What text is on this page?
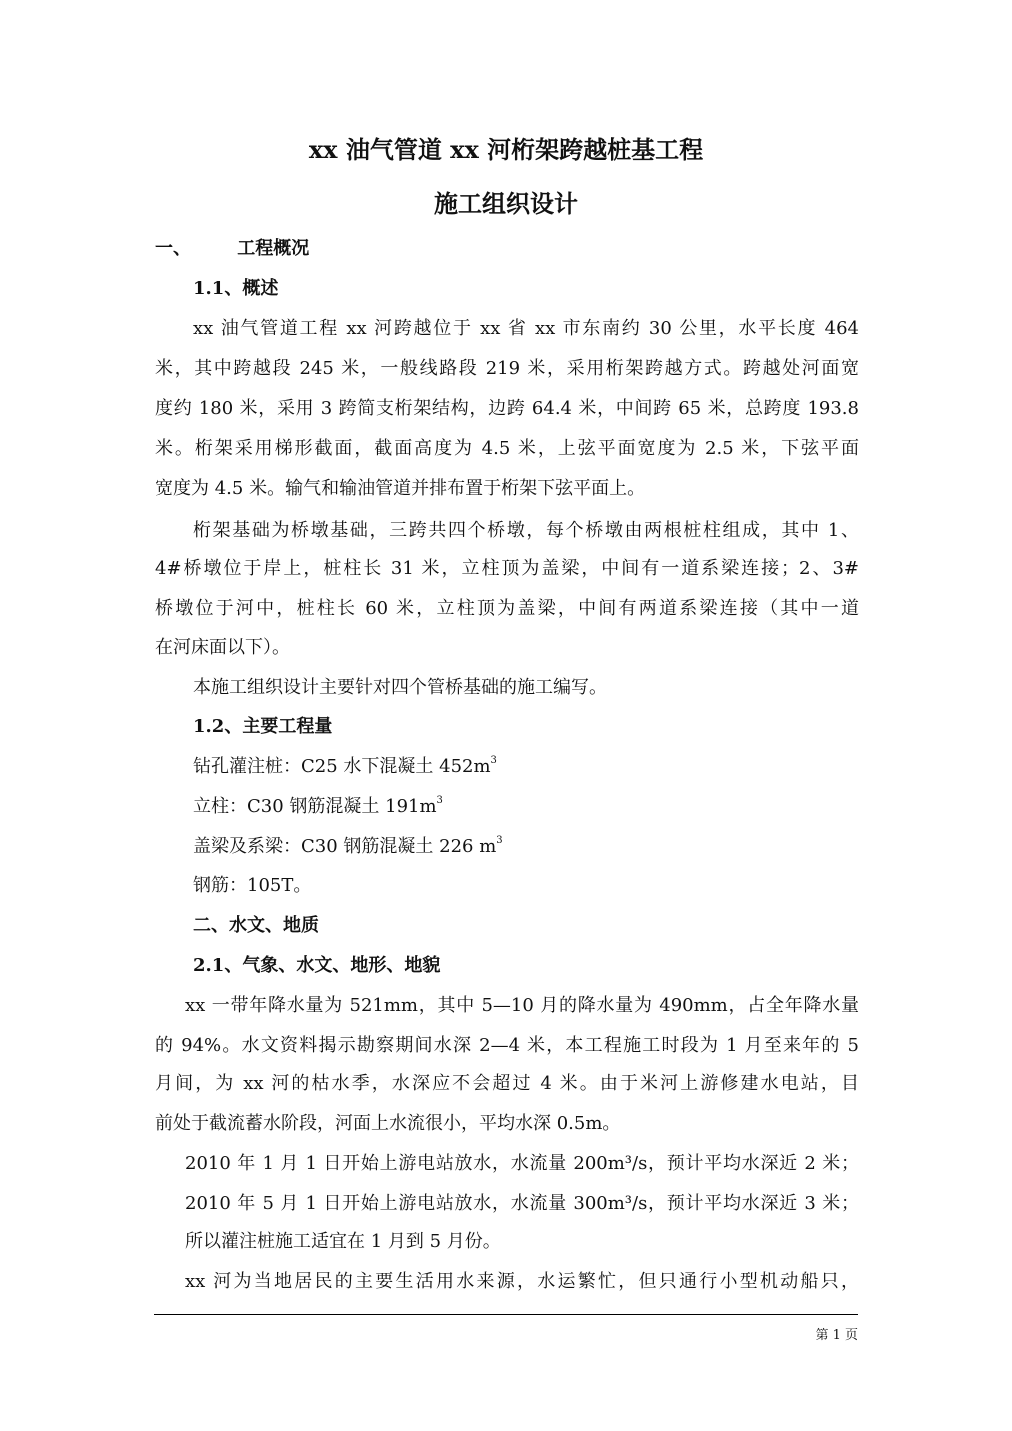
xx 油气管道 xx 河桁架跨越桩基工程
施工组织设计
一、	工程概况
1.1、概述
xx 油气管道工程 xx 河跨越位于 xx 省 xx 市东南约 30 公里，水平长度 464
米，其中跨越段 245 米，一般线路段 219 米，采用桁架跨越方式。跨越处河面宽
度约 180 米，采用 3 跨简支桁架结构，边跨 64.4 米，中间跨 65 米，总跨度 193.8
米。桁架采用梯形截面，截面高度为 4.5 米，上弦平面宽度为 2.5 米，下弦平面
宽度为 4.5 米。输气和输油管道并排布置于桁架下弦平面上。
桁架基础为桥墩基础，三跨共四个桥墩，每个桥墩由两根桩柱组成，其中 1、
4#桥墩位于岸上，桩柱长 31 米，立柱顶为盖梁，中间有一道系梁连接；2、3#
桥墩位于河中，桩柱长 60 米，立柱顶为盖梁，中间有两道系梁连接（其中一道
在河床面以下）。
本施工组织设计主要针对四个管桥基础的施工编写。
1.2、主要工程量
钻孔灌注桩：C25 水下混凝土 $452m^3$
立柱：C30 钢筋混凝土 $191m^3$
盖梁及系梁：C30 钢筋混凝土 226 $m^3$
钢筋：105T。
二、水文、地质
2.1、气象、水文、地形、地貌
xx 一带年降水量为 521mm，其中 5—10 月的降水量为 490mm，占全年降水量
的 94%。水文资料揭示勘察期间水深 2—4 米，本工程施工时段为 1 月至来年的 5
月间，为 xx 河的枯水季，水深应不会超过 4 米。由于米河上游修建水电站，目
前处于截流蓄水阶段，河面上水流很小，平均水深 0.5m。
2010 年 1 月 1 日开始上游电站放水，水流量 200m³/s，预计平均水深近 2 米；
2010 年 5 月 1 日开始上游电站放水，水流量 300m³/s，预计平均水深近 3 米；
所以灌注桩施工适宜在 1 月到 5 月份。
xx 河为当地居民的主要生活用水来源，水运繁忙，但只通行小型机动船只，
第 1 页
